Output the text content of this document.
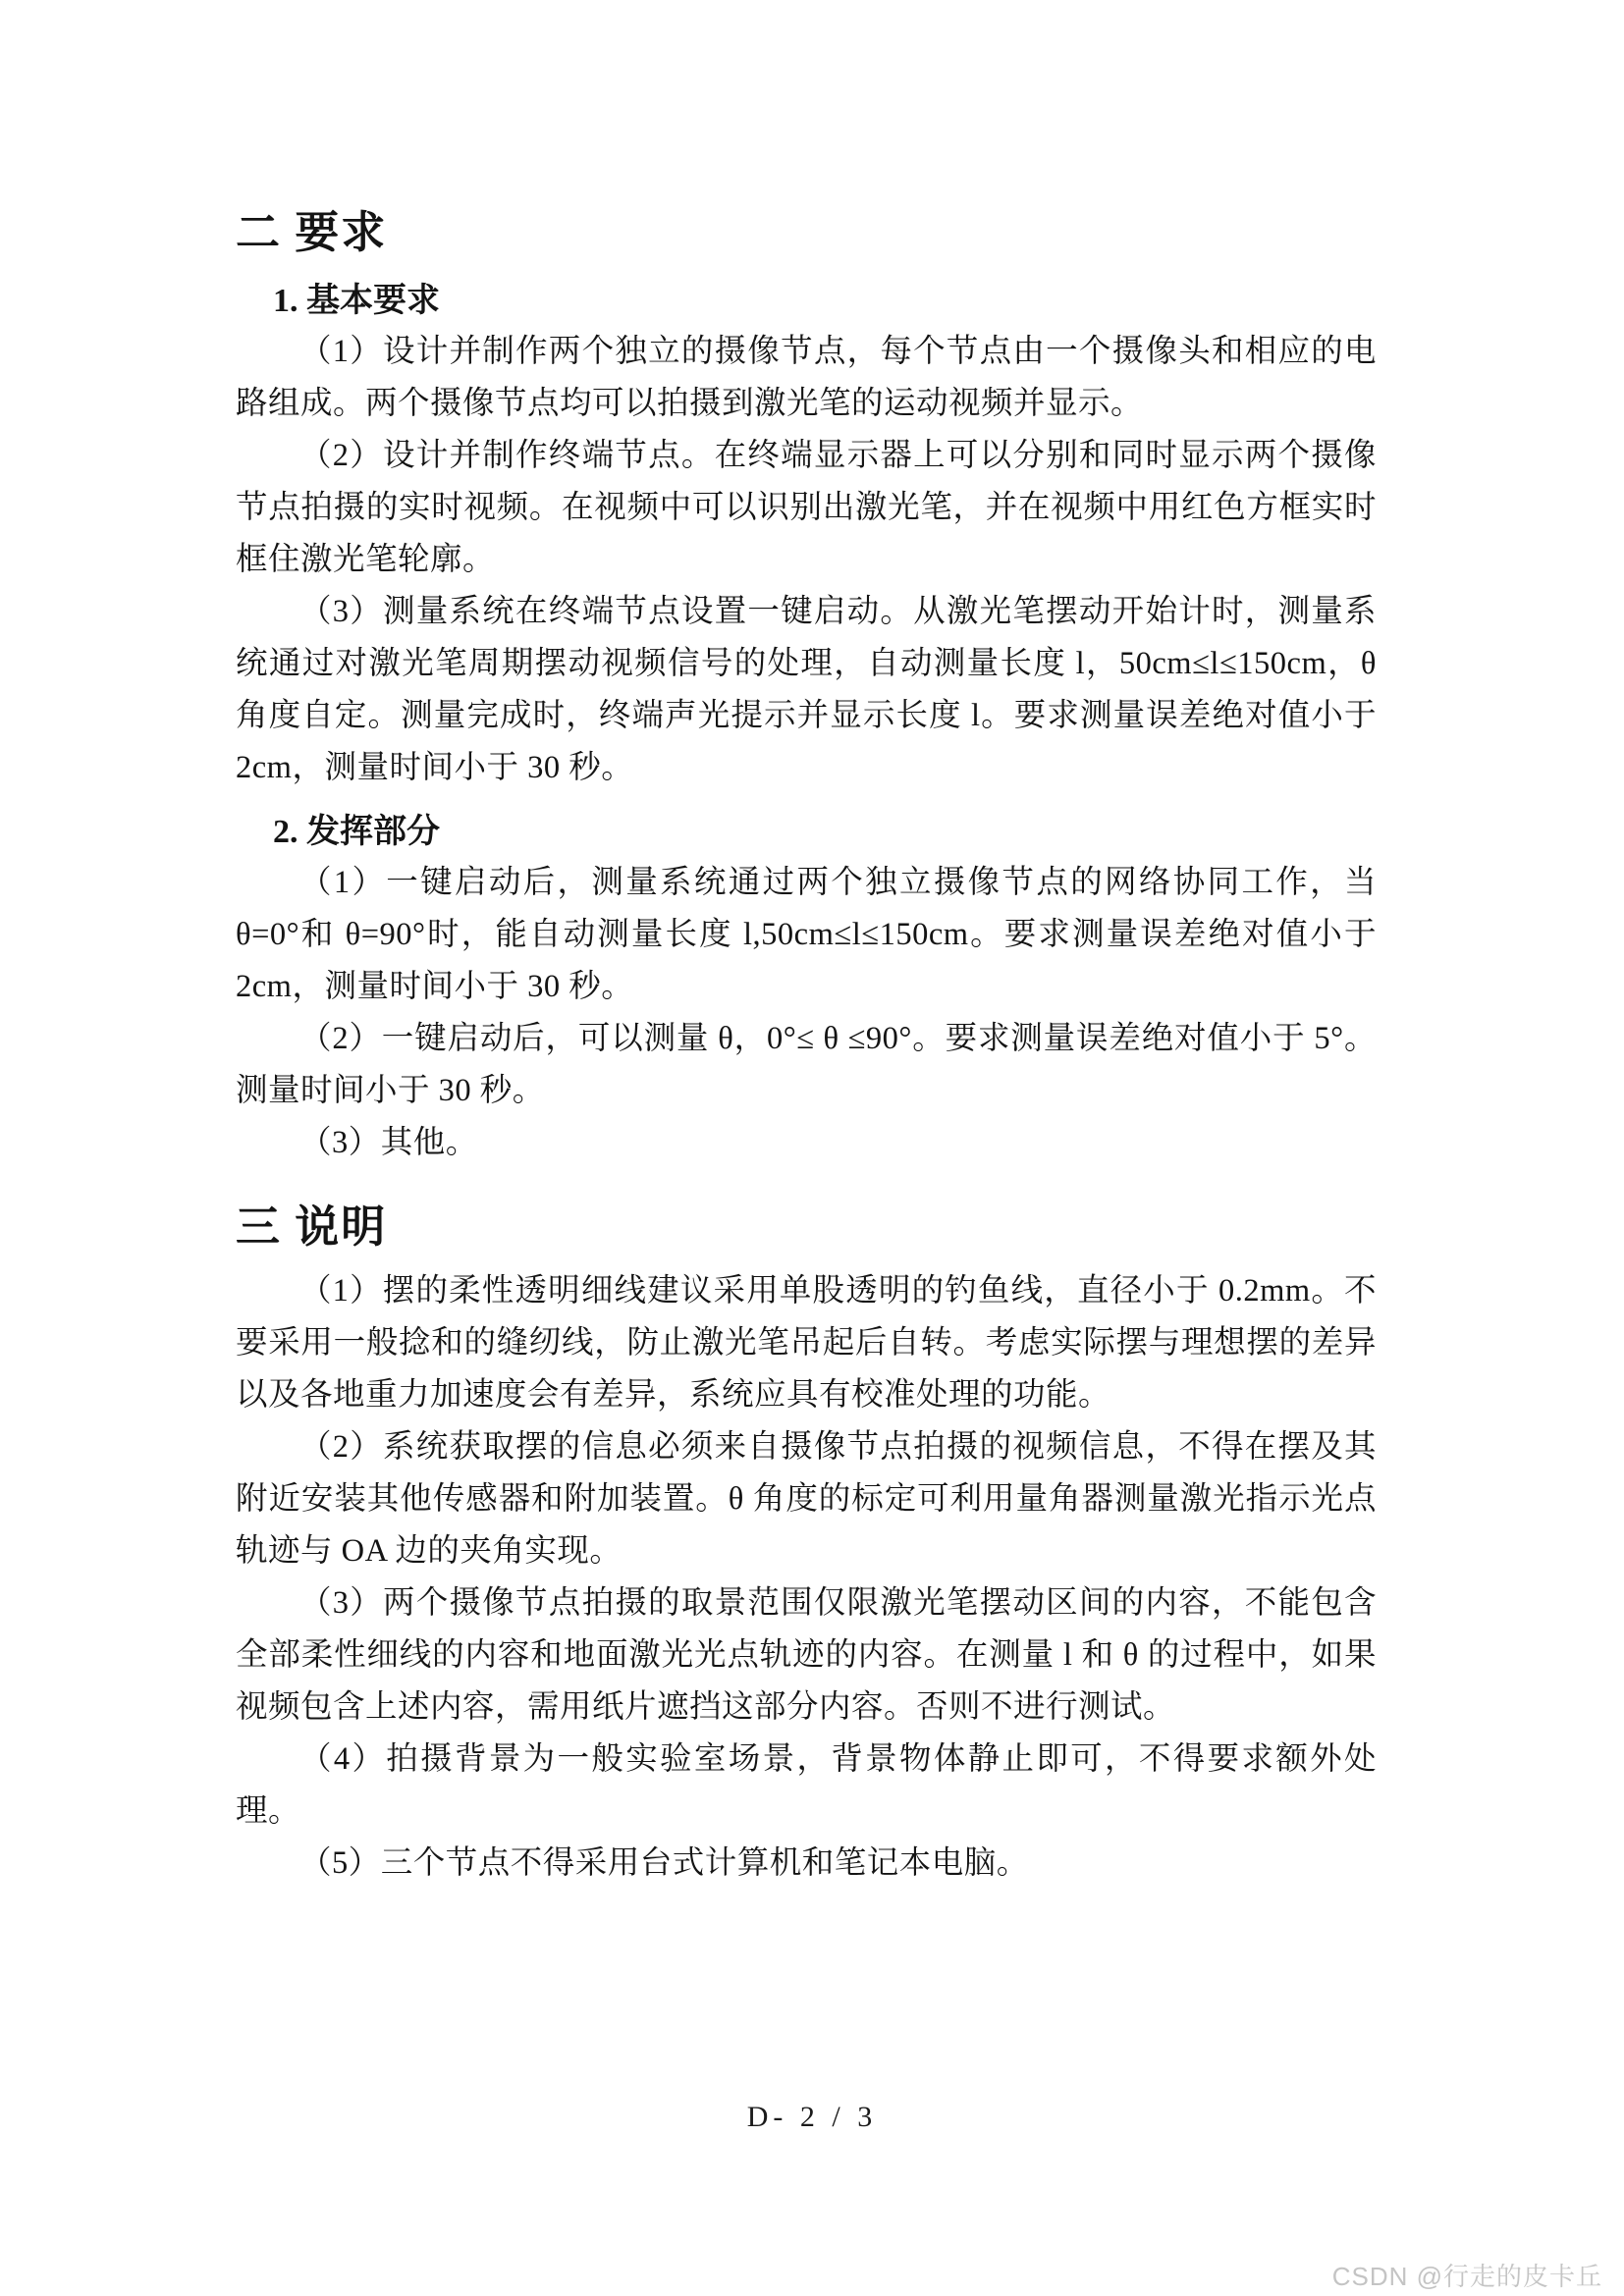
二 要求
1. 基本要求

（1）设计并制作两个独立的摄像节点，每个节点由一个摄像头和相应的电路组成。两个摄像节点均可以拍摄到激光笔的运动视频并显示。

（2）设计并制作终端节点。在终端显示器上可以分别和同时显示两个摄像节点拍摄的实时视频。在视频中可以识别出激光笔，并在视频中用红色方框实时框住激光笔轮廓。

（3）测量系统在终端节点设置一键启动。从激光笔摆动开始计时，测量系统通过对激光笔周期摆动视频信号的处理，自动测量长度 l，50cm≤l≤150cm，θ 角度自定。测量完成时，终端声光提示并显示长度 l。要求测量误差绝对值小于 2cm，测量时间小于 30 秒。

2. 发挥部分

（1）一键启动后，测量系统通过两个独立摄像节点的网络协同工作，当 θ=0°和 θ=90°时，能自动测量长度 l,50cm≤l≤150cm。要求测量误差绝对值小于 2cm，测量时间小于 30 秒。

（2）一键启动后，可以测量 θ，0°≤ θ ≤90°。要求测量误差绝对值小于 5°。测量时间小于 30 秒。

（3）其他。

三 说明

（1）摆的柔性透明细线建议采用单股透明的钓鱼线，直径小于 0.2mm。不要采用一般捻和的缝纫线，防止激光笔吊起后自转。考虑实际摆与理想摆的差异以及各地重力加速度会有差异，系统应具有校准处理的功能。

（2）系统获取摆的信息必须来自摄像节点拍摄的视频信息，不得在摆及其附近安装其他传感器和附加装置。θ 角度的标定可利用量角器测量激光指示光点轨迹与 OA 边的夹角实现。

（3）两个摄像节点拍摄的取景范围仅限激光笔摆动区间的内容，不能包含全部柔性细线的内容和地面激光光点轨迹的内容。在测量 l 和 θ 的过程中，如果视频包含上述内容，需用纸片遮挡这部分内容。否则不进行测试。

（4）拍摄背景为一般实验室场景，背景物体静止即可，不得要求额外处理。

（5）三个节点不得采用台式计算机和笔记本电脑。

D- 2 / 3
CSDN @行走的皮卡丘
